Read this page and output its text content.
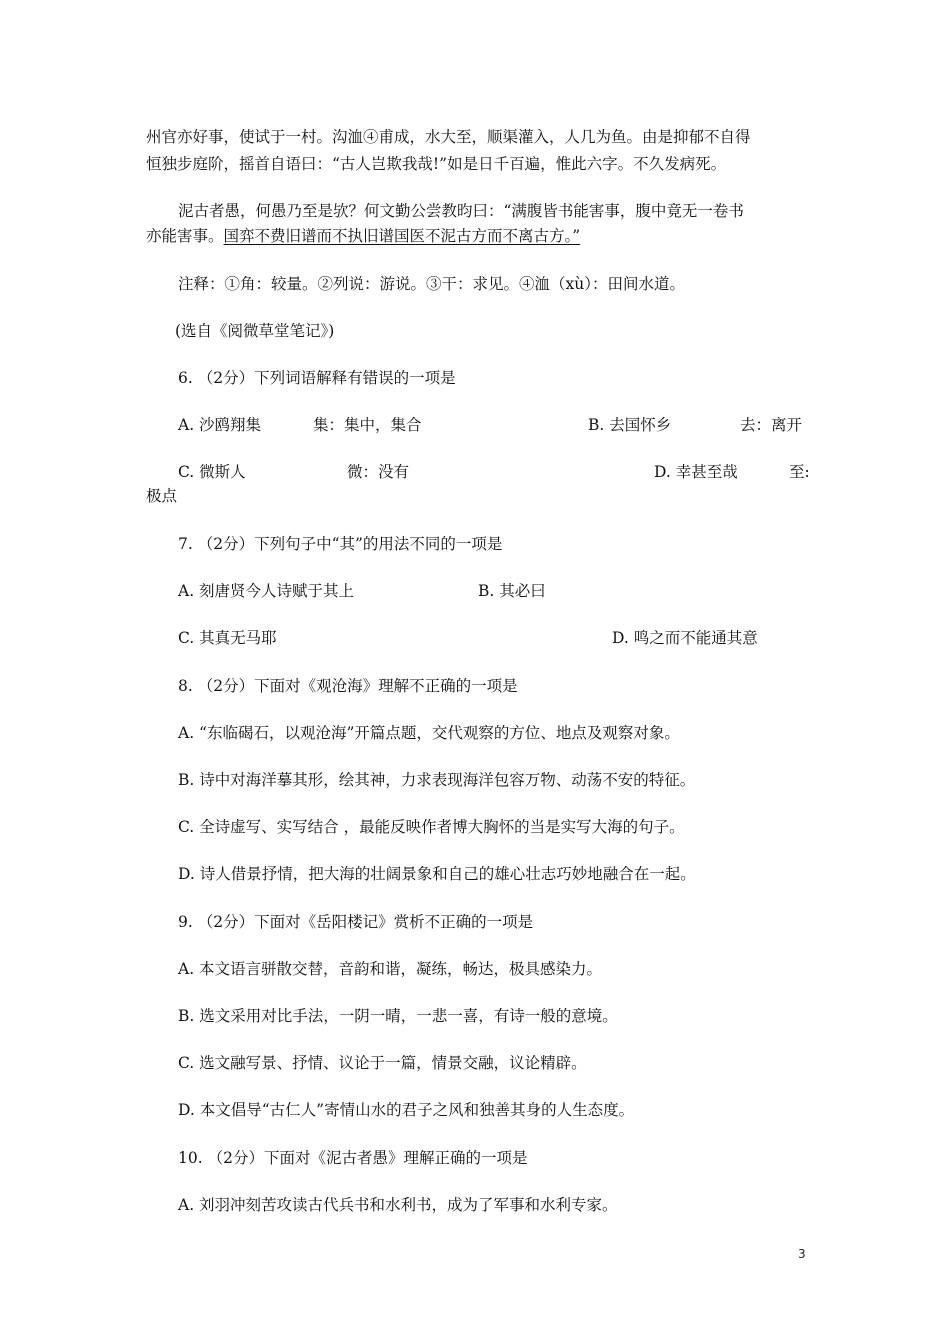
州官亦好事，使试于一村。沟洫④甫成，水大至，顺渠灌入，人几为鱼。由是抑郁不自得
恒独步庭阶，摇首自语曰：“古人岂欺我哉!”如是日千百遍，惟此六字。不久发病死。
泥古者愚，何愚乃至是欤？何文勤公尝教昀曰：“满腹皆书能害事，腹中竟无一卷书
亦能害事。国弈不费旧谱而不执旧谱国医不泥古方而不离古方。”
注释：①角：较量。②列说：游说。③干：求见。④洫（xù）：田间水道。
(选自《阅微草堂笔记》)
6. （2分）下列词语解释有错误的一项是
A. 沙鸥翔集	集：集中，集合	B. 去国怀乡	去：离开
C. 微斯人	微：没有	D. 幸甚至哉	至:
极点
7. （2分）下列句子中“其”的用法不同的一项是
A. 刻唐贤今人诗赋于其上	B. 其必曰
C. 其真无马耶	D. 鸣之而不能通其意
8. （2分）下面对《观沧海》理解不正确的一项是
A. “东临碣石，以观沧海”开篇点题，交代观察的方位、地点及观察对象。
B. 诗中对海洋摹其形，绘其神，力求表现海洋包容万物、动荡不安的特征。
C. 全诗虚写、实写结合 ，最能反映作者博大胸怀的当是实写大海的句子。
D. 诗人借景抒情，把大海的壮阔景象和自己的雄心壮志巧妙地融合在一起。
9. （2分）下面对《岳阳楼记》赏析不正确的一项是
A. 本文语言骈散交替，音韵和谐，凝练，畅达，极具感染力。
B. 选文采用对比手法，一阴一晴，一悲一喜，有诗一般的意境。
C. 选文融写景、抒情、议论于一篇，情景交融，议论精辟。
D. 本文倡导“古仁人”寄情山水的君子之风和独善其身的人生态度。
10. （2分）下面对《泥古者愚》理解正确的一项是
A. 刘羽冲刻苦攻读古代兵书和水利书，成为了军事和水利专家。
3
